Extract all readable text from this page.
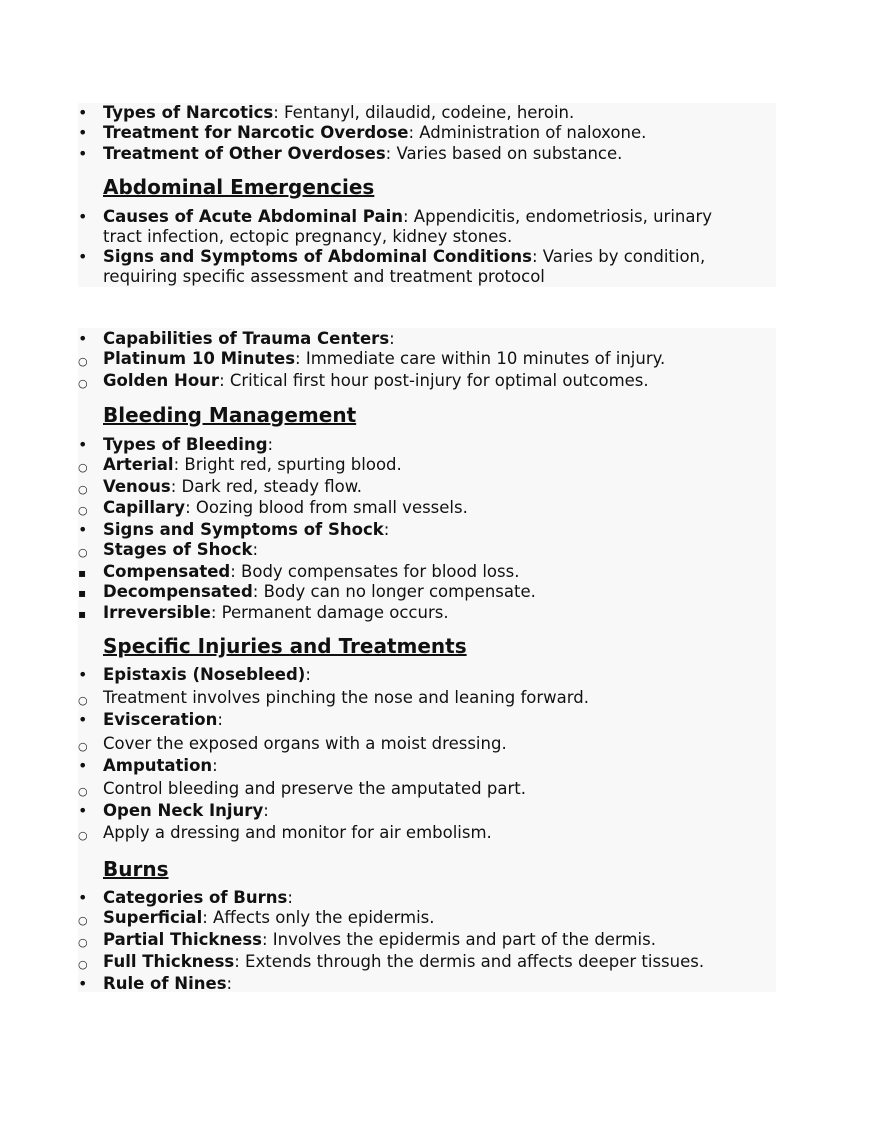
• Types of Narcotics: Fentanyl, dilaudid, codeine, heroin.
• Treatment for Narcotic Overdose: Administration of naloxone.
• Treatment of Other Overdoses: Varies based on substance.
Abdominal Emergencies
• Causes of Acute Abdominal Pain: Appendicitis, endometriosis, urinary
tract infection, ectopic pregnancy, kidney stones.
• Signs and Symptoms of Abdominal Conditions: Varies by condition,
requiring specific assessment and treatment protocol
• Capabilities of Trauma Centers:
○ Platinum 10 Minutes: Immediate care within 10 minutes of injury.
○ Golden Hour: Critical first hour post-injury for optimal outcomes.
Bleeding Management
• Types of Bleeding:
○ Arterial: Bright red, spurting blood.
○ Venous: Dark red, steady flow.
○ Capillary: Oozing blood from small vessels.
• Signs and Symptoms of Shock:
○ Stages of Shock:
▪	Compensated: Body compensates for blood loss.
▪	Decompensated: Body can no longer compensate.
▪	Irreversible: Permanent damage occurs.
Specific Injuries and Treatments
• Epistaxis (Nosebleed):
○ Treatment involves pinching the nose and leaning forward.
• Evisceration:
○ Cover the exposed organs with a moist dressing.
• Amputation:
○ Control bleeding and preserve the amputated part.
• Open Neck Injury:
○ Apply a dressing and monitor for air embolism.
Burns
• Categories of Burns:
○ Superficial: Affects only the epidermis.
○ Partial Thickness: Involves the epidermis and part of the dermis.
○ Full Thickness: Extends through the dermis and affects deeper tissues.
• Rule of Nines:
